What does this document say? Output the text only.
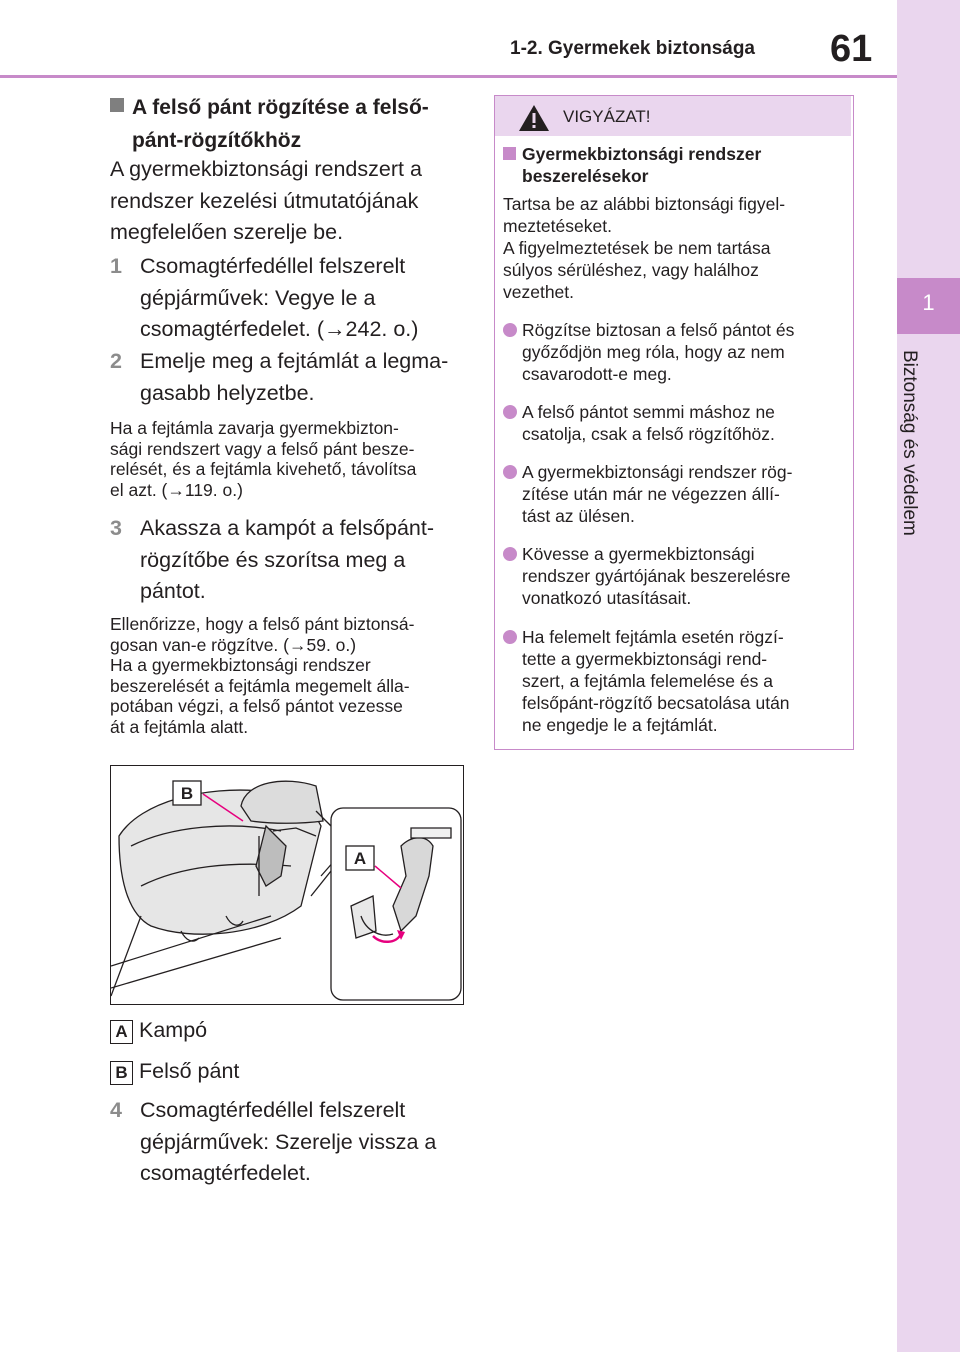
1-2. Gyermekek biztonsága 61
1
Biztonság és védelem
A felső pánt rögzítése a felső-
pánt-rögzítőkhöz
A gyermekbiztonsági rendszert a
rendszer kezelési útmutatójának
megfelelően szerelje be.
1 Csomagtérfedéllel felszerelt
gépjárművek: Vegye le a
csomagtérfedelet. (→242. o.)
2 Emelje meg a fejtámlát a legma-
gasabb helyzetbe.
Ha a fejtámla zavarja gyermekbizton-
sági rendszert vagy a felső pánt besze-
relését, és a fejtámla kivehető, távolítsa
el azt. (→119. o.)
3 Akassza a kampót a felsőpánt-
rögzítőbe és szorítsa meg a
pántot.
Ellenőrizze, hogy a felső pánt biztonsá-
gosan van-e rögzítve. (→59. o.)
Ha a gyermekbiztonsági rendszer
beszerelését a fejtámla megemelt álla-
potában végzi, a felső pántot vezesse
át a fejtámla alatt.
B
A
A Kampó
B Felső pánt
4 Csomagtérfedéllel felszerelt
gépjárművek: Szerelje vissza a
csomagtérfedelet.
VIGYÁZAT!
Gyermekbiztonsági rendszer
beszerelésekor
Tartsa be az alábbi biztonsági figyel-
meztetéseket.
A figyelmeztetések be nem tartása
súlyos sérüléshez, vagy halálhoz
vezethet.
Rögzítse biztosan a felső pántot és
győződjön meg róla, hogy az nem
csavarodott-e meg.
A felső pántot semmi máshoz ne
csatolja, csak a felső rögzítőhöz.
A gyermekbiztonsági rendszer rög-
zítése után már ne végezzen állí-
tást az ülésen.
Kövesse a gyermekbiztonsági
rendszer gyártójának beszerelésre
vonatkozó utasításait.
Ha felemelt fejtámla esetén rögzí-
tette a gyermekbiztonsági rend-
szert, a fejtámla felemelése és a
felsőpánt-rögzítő becsatolása után
ne engedje le a fejtámlát.
